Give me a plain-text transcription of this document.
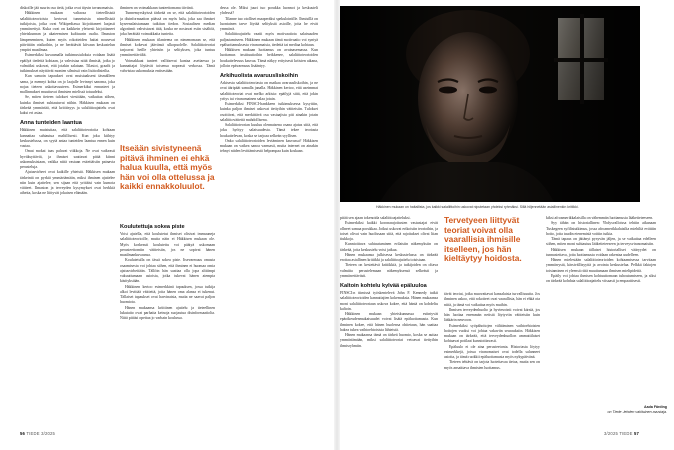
diskoille jää suurin osa tietä, jotka ovat täysin tavanomaisia.

Häkkinen mukaan valtaosa tieteellisistä salaliittoteorioista kertovat tunnetuista nimellisistä tutkijoista, jotka ovat Wikipediassa kirjoittaneet laajasti ymmärrettyä. Kuka ovat on kaikkein yleisesti kirjoittaneet yhteiskunnan ja akateemisen kulttuurin osalta. Ilmaston lämpeneminen, kuten myös rokotteiden haitat nousevat päivittäin otsikoihin, ja ne herättävät kiivaan keskustelun ympäri maailmaa.

Esimerkiksi kuvaamalla tutkimustuloksia voidaan lisätä epäilyä tiedettä kohtaan, ja vahvistaa niitä ihmisiä, jotka jo valmiiksi uskovat, että jotakin salataan. Tilastot, graafit ja tutkimukset näyttävät monien silmissä vain lisätodisteilta.

Kun samoin tapaukset ovat muistaakseni täsmälleen sama, ja mennyt kohta on jo laajalle levinnyt sanoma, joka nojaa tieteen uskottavuuteen. Esimerkiksi ennusteet ja mallinnukset muuttuvat ihmisten mielissä totuudeksi.

Se, miten tieteen tulokset viestitään, vaikuttaa siihen, kuinka ihmiset suhtautuvat niihin. Häkkisen mukaan on tärkeää ymmärtää, että kriittisyys ja salaliittoajattelu ovat kaksi eri asiaa.

Anna tunteiden laantua

Häkkinen muistuttaa, että salaliittoteorioita kohtaan kannattaa suhtautua maltillisesti. Kun joku kiihtyy keskustelussa, on syytä antaa tunteiden laantua ennen kuin vastaa.

Omat mokat taas palavat viikkoja. Ne ovat vaikeasti hyväksyttäviä, ja ihmiset saattavat pitää kiinni uskomuksistaan, vaikka niitä vastaan esitettäisiin painavia perusteluja.

Ajatusvirheet ovat kaikille yhteisiä. Häkkisen mukaan tärkeintä on pyrkiä ymmärtämään, miksi ihminen ajattelee niin kuin ajattelee, sen sijaan että yrittäisi vain kumota väitteet. Ilmaston ja terveyden kysymykset ovat herkkiä aiheita, koska ne liittyvät jokaisen elämään.

ihminen on voimakkaan tunteettomana tiiviinä.

Tunnemyrskyissä tärkeää on se, että salaliittoteorioiden ja disinformaation päässä on myös halu, joka saa ihmiset kyseenalaistamaan tutkitun tiedon. Sosiaalisen median algoritmit vahvistavat tätä, koska ne nostavat esiin sisältöä, joka herättää voimakkaita tunteita.

Häkkinen mukaan tilanteena on nimenomaan se, että ihmiset kokevat jäävänsä ulkopuolelle. Salaliittoteoriat tarjoavat heille yhteisön ja selityksen, joka tuntuu ymmärrettävältä.

Voimakkaat tunteet vallitsevat kantaa asettaessa ja kannattajat löytävät toisensa nopeasti verkossa. Tämä vahvistaa uskomuksia entisestään.

Itseään sivistyneenä pitävä ihminen ei ehkä halua kuulla, että myös hän voi olla ottelussa ja kaikki ennakkoluulot.
Koulutettuja sokea piste

Voisi ajatella, että koulutetut ihmiset olisivat immuuneja salaliittoteorioille, mutta näin ei Häkkisen mukaan ole. Myös korkeasti koulutettu voi päätyä uskomaan perusteettomiin väitteisiin, jos ne sopivat hänen maailmankuvaansa.

Koulutetulla on tässä sokea piste. Itsevarmuus omasta osaamisesta voi johtaa siihen, että ihminen ei huomaa omia ajatusvirheitään. Tällöin hän saattaa olla jopa alttiimpi vakuuttumaan asioista, jotka tukevat hänen aiempia käsityksiään.

Häkkinen kertoo esimerkkinä tapauksen, jossa tutkija alkoi levittää väitteitä, joita hänen oma alansa ei tukenut. Tällaiset tapaukset ovat harvinaisia, mutta ne saavat paljon huomiota.

Hänen mukaansa kriittinen ajattelu ja tieteellinen lukutaito ovat parhaita keinoja suojautua disinformaatiolta. Niitä pitäisi opettaa jo varhain koulussa.

dessa ole. Miksi juuri tuo porukka luonnot ja keskusteli yhdessä?

Tilanne tuo otolliset maaperäksi spekulointille. Ihmisillä on luontainen tarve löytää selityksiä asioille, joita he eivät ymmärrä.

Salaliittoajattelu vaatii myös motivaatiota salaisuuden paljastamiseen. Häkkinen mukaan tämä motivaatio voi syntyä epäluottamuksesta viranomaisia, tiedettä tai mediaa kohtaan.

Häkkisen mukaan luottamus on avainasemassa. Kun luottamus instituutioihin heikkenee, salaliittoteorioiden houkuttelevuus kasvaa. Tämä näkyy erityisesti kriisien aikana, jolloin epävarmuus lisääntyy.

Arkihuolista avaruusliskoihin

Arkisesta salaliittoteoriasta on matkaa avaruusliskoihin, ja ne ovat ääripäät samalla janalla. Häkkinen kertoo, että useimmat salaliittoteoriat ovat melko arkisia: epäilyjä siitä, että jokin yritys tai viranomainen salaa jotain.

Esimerkiksi FINSCI-hankkeen tutkimuksessa kysyttiin, kuinka paljon ihmiset uskovat tiettyihin väitteisiin. Tulokset osoittivat, että merkittävä osa vastaajista piti ainakin jotain salaliittoväitettä mahdollisena.

Salaliittoteorian kuuluu olennaisena osana ajatus siitä, että joku hyötyy salaisuudesta. Tämä tekee teoriasta houkuttelevan, koska se tarjoaa selkeän syyllisen.

Onko salaliittoteorioiden leviäminen kasvussa? Häkkisen mukaan on vaikea sanoa varmasti, mutta internet on ainakin tehnyt niiden levittämisestä helpompaa kuin koskaan.

56 TIEDE 3/2025
Häkkinen mukaan on haitallista, jos kaikki salaliittoihin uskovat niputetaan yhdeksi ryhmäksi. Sillä hiljennetään asiallinenkin kritiikki.

pitää sen ajaan tokenoida salaliittoajatteluksi.

Esimerkiksi kaikki koronarajoitusten vastustajat eivät ollneet samaa porukkaa. Jotkut uskovat erikoisiin teorioihin, ja toiset olivat vain huolissaan siitä, että rajoitukset olivat liian tiukkoja.

Kunnioittava suhtautuminen erilaisiin näkemyksiin on tärkeää, jotta keskustelu voisi jatkua.

Hänen mukaansa julkisessa keskustelussa on tärkeää erottaa asiallinen kritiikki ja salaliittoajattelu toisistaan.

Tieteen on kestettävä kritiikkiä, ja tutkijoiden on oltava valmiita perustelemaan näkemyksensä selkeästi ja ymmärrettävästi.

Kaltoin kohtelu kylvää epäluuloa

FINSCI:n tiimissä työskentelevä John F. Kennedy tutkii salaliittoteorioiden kannattajien kokemuksia. Hänen mukaansa moni salaliittoteoriaan uskova kokee, että häntä on kohdeltu kaltoin.

Häkkinen mukaan yhteiskunnassa esiintyvät epäoikeudenmukaisuudet voivat lisätä epäluottamusta. Kun ihminen kokee, että hänen huolensa ohitetaan, hän saattaa hakea tukea vaihtoehtoisista lähteistä.

Hänen mukaansa tämä on tärkeä huomio, koska se auttaa ymmärtämään, miksi salaliittoteoriat vetoavat tiettyihin ihmisryhmiin.

Tervetyeen liittyvät teoriat voivat olla vaarallisia ihmisille itselleen, jos hän kieltäytyy hoidosta.

tävät teoriat, jotka muovattavat kansalaisia turvallisuutta. Jos ihminen uskoo, että rokotteet ovat vaarallisia, hän ei ehkä ota niitä, ja tämä voi vaikuttaa myös muihin.

Ihmisen terveydenhuolto ja hyvinvointi voivat kärsiä, jos hän luottaa enemmän netistä löytyviin väitteisiin kuin lääkärin neuvoon.

Esimerkiksi syöpähoitojen välttäminen vaihtoehtoisten hoitojen vuoksi voi johtaa vakaviin seurauksiin. Häkkisen mukaan on tärkeää, että terveydenhuollon ammattilaiset kohtaavat potilaat kunnioittavasti.

Epäluulo ei ole aina perusteetonta. Historiasta löytyy esimerkkejä, joissa viranomaiset ovat todella salanneet asioita, ja tämä ruokkii epäluottamusta myös nykypäivänä.

Tieteen tehtävä on tarjota luotettavaa tietoa, mutta sen on myös ansaittava ihmisten luottamus.

kiksi afroamerikkalaisilla on vähemmän luottamusta lääketieteeseen.

Syy tähän on historiallinen: Yhdysvalloissa tehtiin aikanaan Tuskegeen syfilistutkimus, jossa afroamerikkalaisilta miehiltä evättiin hoito, jotta taudin etenemistä voitiin tutkia.

Tämä tapaus on jättänyt pysyvän jäljen, ja se vaikuttaa edelleen siihen, miten moni suhtautuu lääketieteeseen ja terveysviranomaisiin.

Häkkisen mukaan tällaiset historialliset vääryydet on tunnustettava, jotta luottamusta voidaan rakentaa uudelleen.

Hänen mielestään salaliittoteorioiden kohtaamisessa tarvitaan ymmärrystä, kärsivällisyyttä ja avointa keskustelua. Pelkkä faktojen toistaminen ei yleensä riitä muuttamaan ihmisen mielipidettä.

Epäily voi johtaa ihmisen kohtuuttomaan tuhoutumiseen, ja siksi on tärkeää kohdata salaliittoajattelu viisaasti ja empaattisesti.

Aada Färding
on Tiede -lehden vakituinen avustaja.
3/2025 TIEDE 57
